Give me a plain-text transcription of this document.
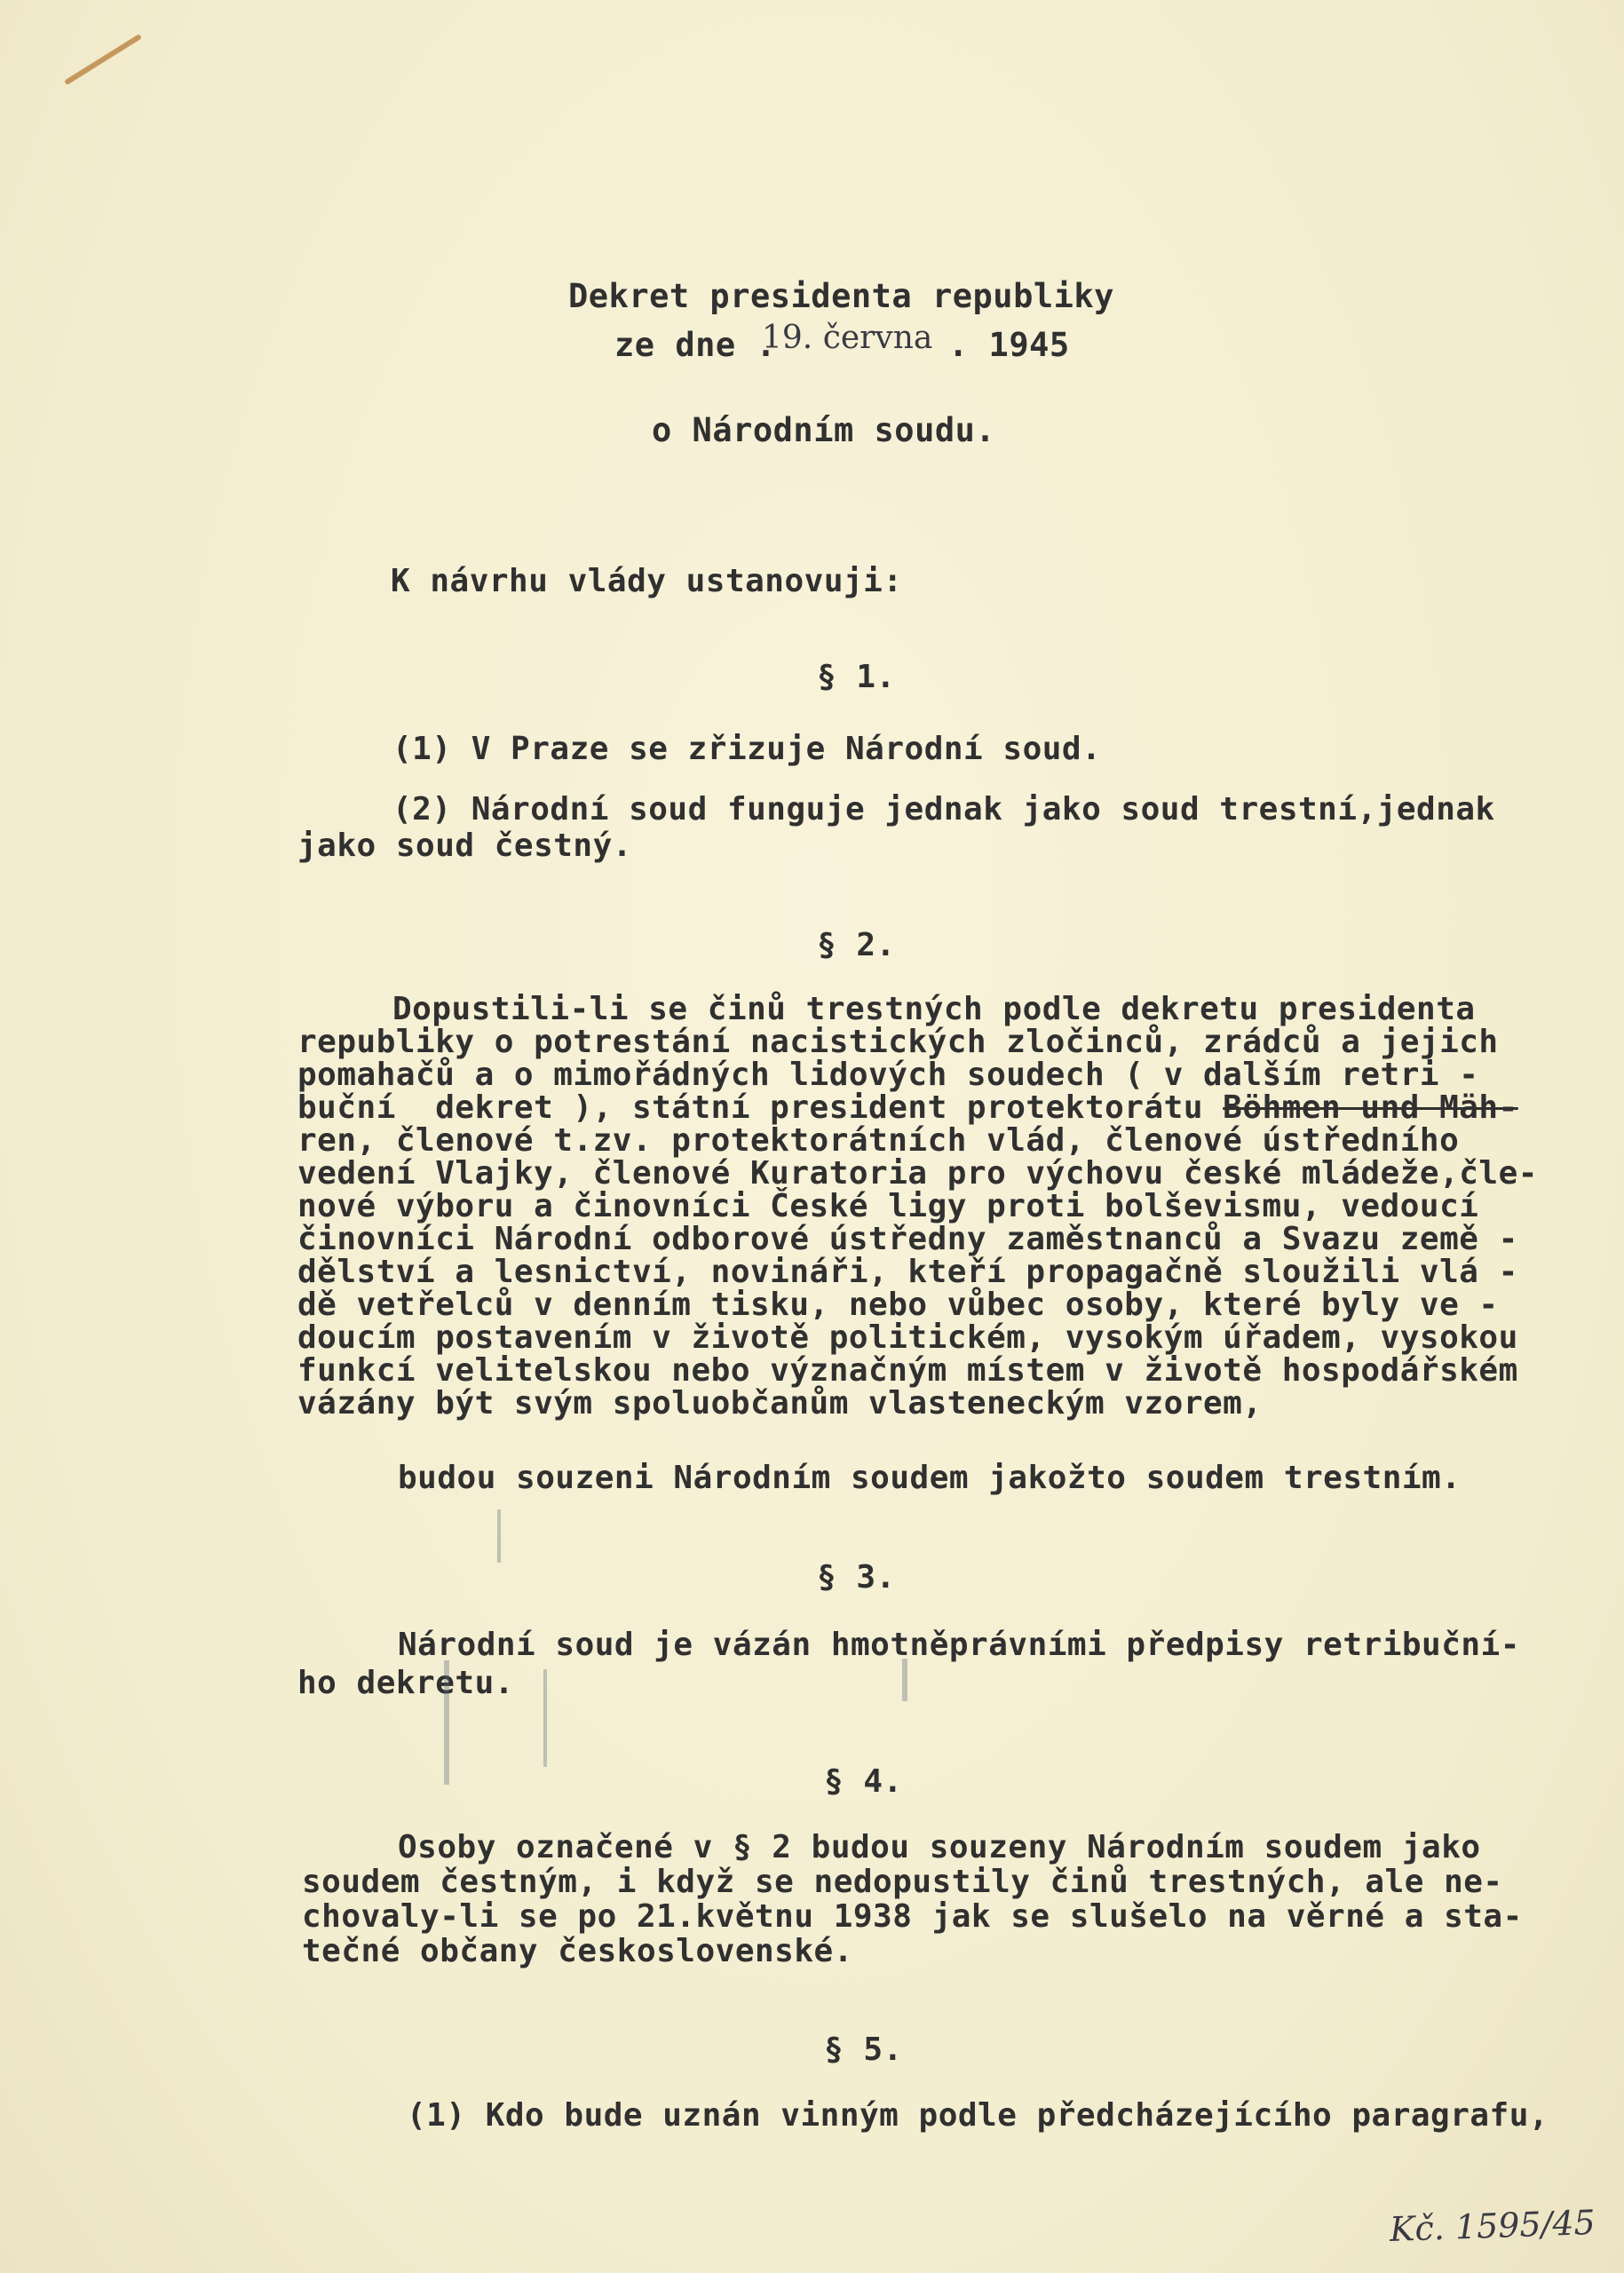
Dekret presidenta republiky
ze dne .
19. června . 1945
o Národním soudu.
K návrhu vlády ustanovuji:
§ 1.
(1) V Praze se zřizuje Národní soud.
(2) Národní soud funguje jednak jako soud trestní,jednak
jako soud čestný.
§ 2.
Dopustili-li se činů trestných podle dekretu presidenta
republiky o potrestání nacistických zločinců, zrádců a jejich
pomahačů a o mimořádných lidových soudech ( v dalším retri -
buční  dekret ), státní president protektorátu Böhmen und Mäh-
ren, členové t.zv. protektorátních vlád, členové ústředního
vedení Vlajky, členové Kuratoria pro výchovu české mládeže,čle-
nové výboru a činovníci České ligy proti bolševismu, vedoucí
činovníci Národní odborové ústředny zaměstnanců a Svazu země -
dělství a lesnictví, novináři, kteří propagačně sloužili vlá -
dě vetřelců v denním tisku, nebo vůbec osoby, které byly ve -
doucím postavením v životě politickém, vysokým úřadem, vysokou
funkcí velitelskou nebo význačným místem v životě hospodářském
vázány být svým spoluobčanům vlasteneckým vzorem,
budou souzeni Národním soudem jakožto soudem trestním.
§ 3.
Národní soud je vázán hmotněprávními předpisy retribuční-
ho dekretu.
§ 4.
Osoby označené v § 2 budou souzeny Národním soudem jako
soudem čestným, i když se nedopustily činů trestných, ale ne-
chovaly-li se po 21.květnu 1938 jak se slušelo na věrné a sta-
tečné občany československé.
§ 5.
(1) Kdo bude uznán vinným podle předcházejícího paragrafu,
Kč. 1595/45
